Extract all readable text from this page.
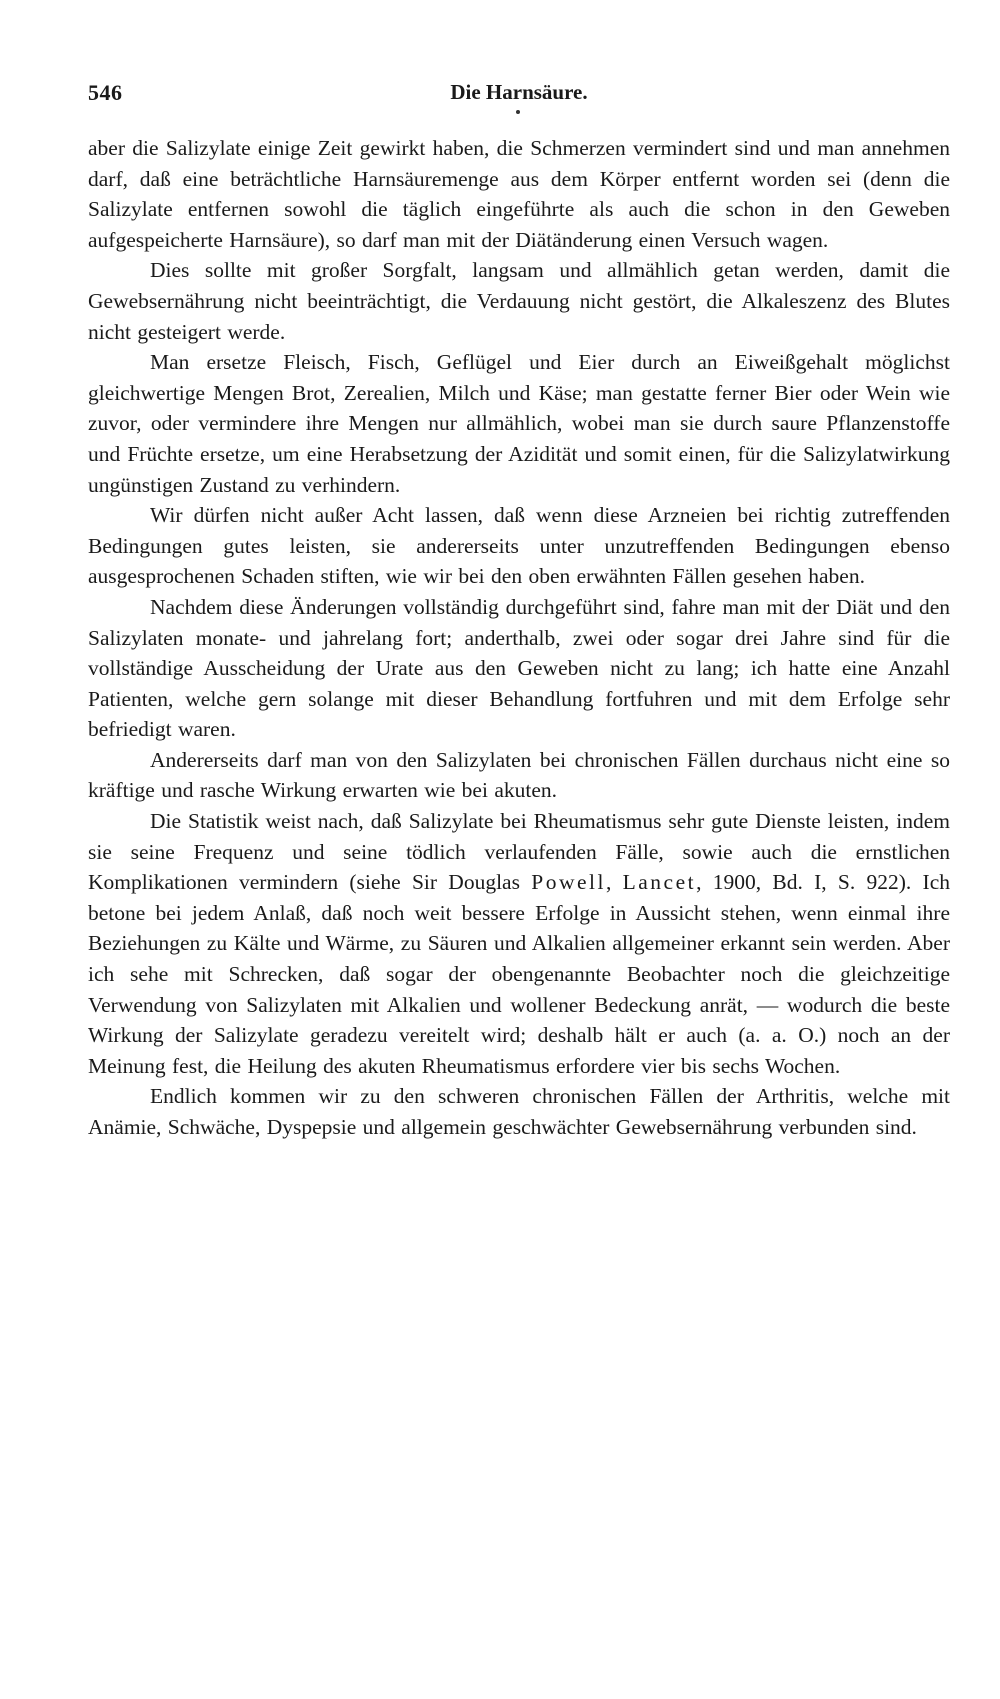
546	Die Harnsäure.

aber die Salizylate einige Zeit gewirkt haben, die Schmerzen vermindert sind und man annehmen darf, daß eine beträchtliche Harnsäuremenge aus dem Körper entfernt worden sei (denn die Salizylate entfernen sowohl die täglich eingeführte als auch die schon in den Geweben aufgespeicherte Harnsäure), so darf man mit der Diätänderung einen Versuch wagen.

Dies sollte mit großer Sorgfalt, langsam und allmählich getan werden, damit die Gewebsernährung nicht beeinträchtigt, die Verdauung nicht gestört, die Alkaleszenz des Blutes nicht gesteigert werde.

Man ersetze Fleisch, Fisch, Geflügel und Eier durch an Eiweißgehalt möglichst gleichwertige Mengen Brot, Zerealien, Milch und Käse; man gestatte ferner Bier oder Wein wie zuvor, oder vermindere ihre Mengen nur allmählich, wobei man sie durch saure Pflanzenstoffe und Früchte ersetze, um eine Herabsetzung der Azidität und somit einen, für die Salizylatwirkung ungünstigen Zustand zu verhindern.

Wir dürfen nicht außer Acht lassen, daß wenn diese Arzneien bei richtig zutreffenden Bedingungen gutes leisten, sie andererseits unter unzutreffenden Bedingungen ebenso ausgesprochenen Schaden stiften, wie wir bei den oben erwähnten Fällen gesehen haben.

Nachdem diese Änderungen vollständig durchgeführt sind, fahre man mit der Diät und den Salizylaten monate- und jahrelang fort; anderthalb, zwei oder sogar drei Jahre sind für die vollständige Ausscheidung der Urate aus den Geweben nicht zu lang; ich hatte eine Anzahl Patienten, welche gern solange mit dieser Behandlung fortfuhren und mit dem Erfolge sehr befriedigt waren.

Andererseits darf man von den Salizylaten bei chronischen Fällen durchaus nicht eine so kräftige und rasche Wirkung erwarten wie bei akuten.

Die Statistik weist nach, daß Salizylate bei Rheumatismus sehr gute Dienste leisten, indem sie seine Frequenz und seine tödlich verlaufenden Fälle, sowie auch die ernstlichen Komplikationen vermindern (siehe Sir Douglas Powell, Lancet, 1900, Bd. I, S. 922). Ich betone bei jedem Anlaß, daß noch weit bessere Erfolge in Aussicht stehen, wenn einmal ihre Beziehungen zu Kälte und Wärme, zu Säuren und Alkalien allgemeiner erkannt sein werden. Aber ich sehe mit Schrecken, daß sogar der obengenannte Beobachter noch die gleichzeitige Verwendung von Salizylaten mit Alkalien und wollener Bedeckung anrät, — wodurch die beste Wirkung der Salizylate geradezu vereitelt wird; deshalb hält er auch (a. a. O.) noch an der Meinung fest, die Heilung des akuten Rheumatismus erfordere vier bis sechs Wochen.

Endlich kommen wir zu den schweren chronischen Fällen der Arthritis, welche mit Anämie, Schwäche, Dyspepsie und allgemein geschwächter Gewebsernährung verbunden sind.
